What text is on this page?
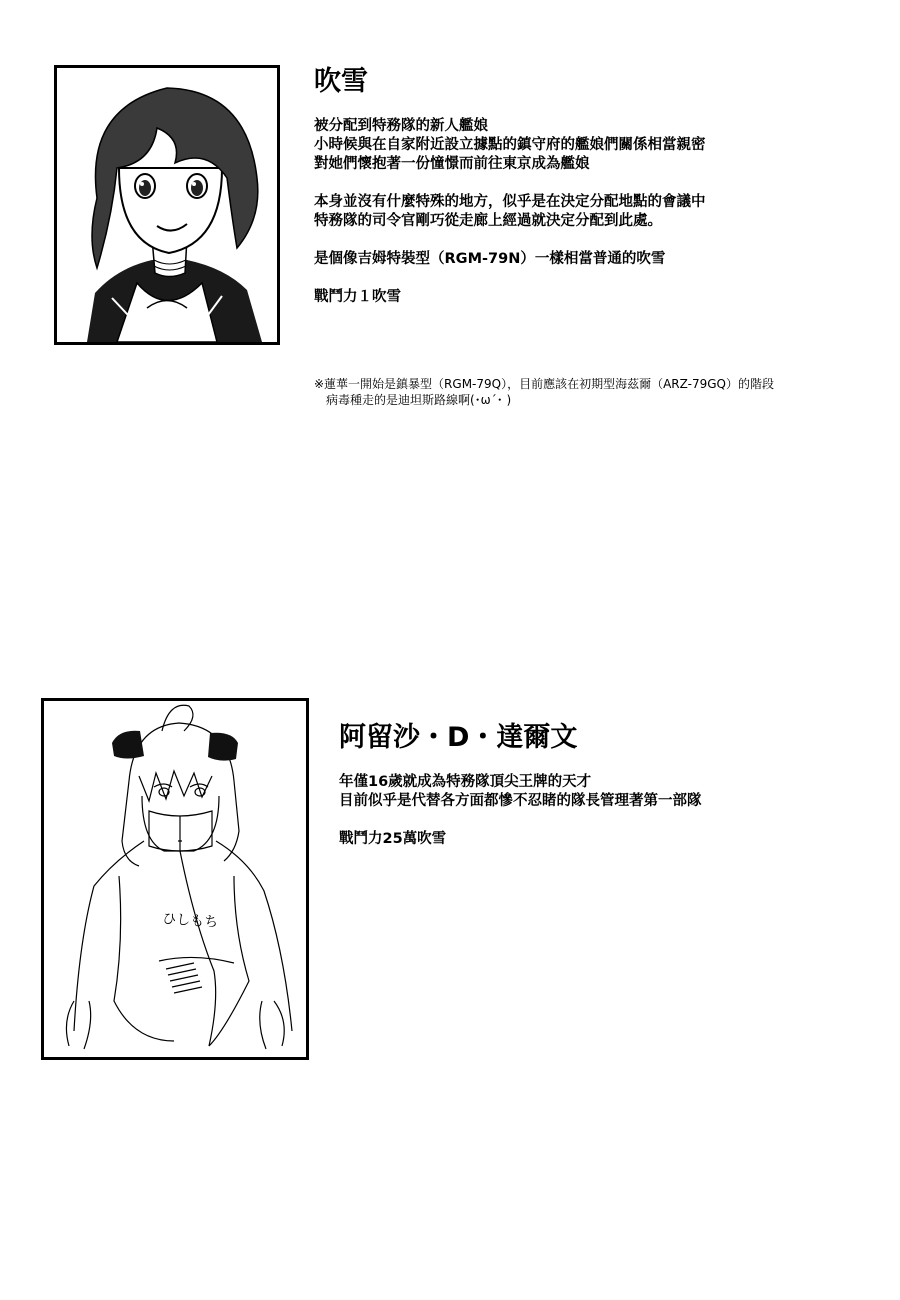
吹雪

被分配到特務隊的新人艦娘

小時候與在自家附近設立據點的鎮守府的艦娘們關係相當親密

對她們懷抱著一份憧憬而前往東京成為艦娘

本身並沒有什麼特殊的地方，似乎是在決定分配地點的會議中

特務隊的司令官剛巧從走廊上經過就決定分配到此處。

是個像吉姆特裝型（RGM-79N）一樣相當普通的吹雪

戰鬥力１吹雪

※蓮華一開始是鎮暴型（RGM-79Q），目前應該在初期型海茲爾（ARZ-79GQ）的階段

病毒種走的是迪坦斯路線啊(･ω´･ )

ひしもち
阿留沙・D・達爾文

年僅16歲就成為特務隊頂尖王牌的天才

目前似乎是代替各方面都慘不忍睹的隊長管理著第一部隊

戰鬥力25萬吹雪
